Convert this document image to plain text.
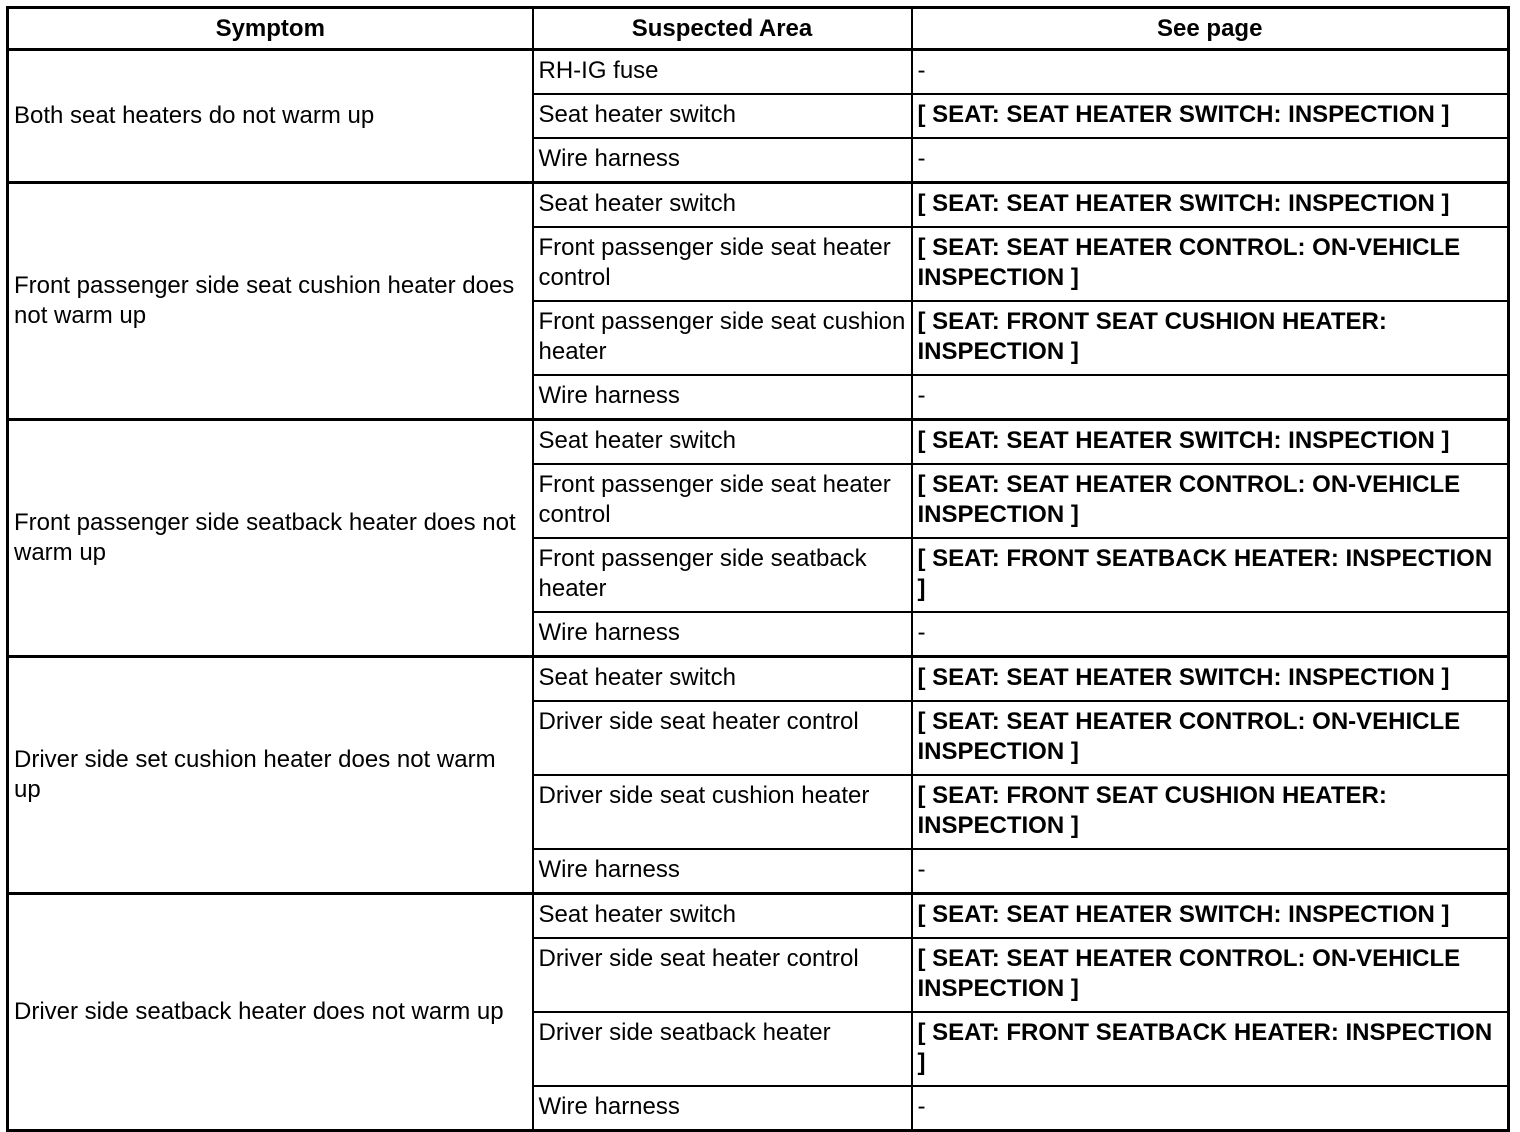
Symptom	Suspected Area	See page
Both seat heaters do not warm up	RH-IG fuse	-
	Seat heater switch	[ SEAT: SEAT HEATER SWITCH: INSPECTION ]
	Wire harness	-
Front passenger side seat cushion heater does not warm up	Seat heater switch	[ SEAT: SEAT HEATER SWITCH: INSPECTION ]
	Front passenger side seat heater control	[ SEAT: SEAT HEATER CONTROL: ON-VEHICLE INSPECTION ]
	Front passenger side seat cushion heater	[ SEAT: FRONT SEAT CUSHION HEATER: INSPECTION ]
	Wire harness	-
Front passenger side seatback heater does not warm up	Seat heater switch	[ SEAT: SEAT HEATER SWITCH: INSPECTION ]
	Front passenger side seat heater control	[ SEAT: SEAT HEATER CONTROL: ON-VEHICLE INSPECTION ]
	Front passenger side seatback heater	[ SEAT: FRONT SEATBACK HEATER: INSPECTION ]
	Wire harness	-
Driver side set cushion heater does not warm up	Seat heater switch	[ SEAT: SEAT HEATER SWITCH: INSPECTION ]
	Driver side seat heater control	[ SEAT: SEAT HEATER CONTROL: ON-VEHICLE INSPECTION ]
	Driver side seat cushion heater	[ SEAT: FRONT SEAT CUSHION HEATER: INSPECTION ]
	Wire harness	-
Driver side seatback heater does not warm up	Seat heater switch	[ SEAT: SEAT HEATER SWITCH: INSPECTION ]
	Driver side seat heater control	[ SEAT: SEAT HEATER CONTROL: ON-VEHICLE INSPECTION ]
	Driver side seatback heater	[ SEAT: FRONT SEATBACK HEATER: INSPECTION ]
	Wire harness	-
